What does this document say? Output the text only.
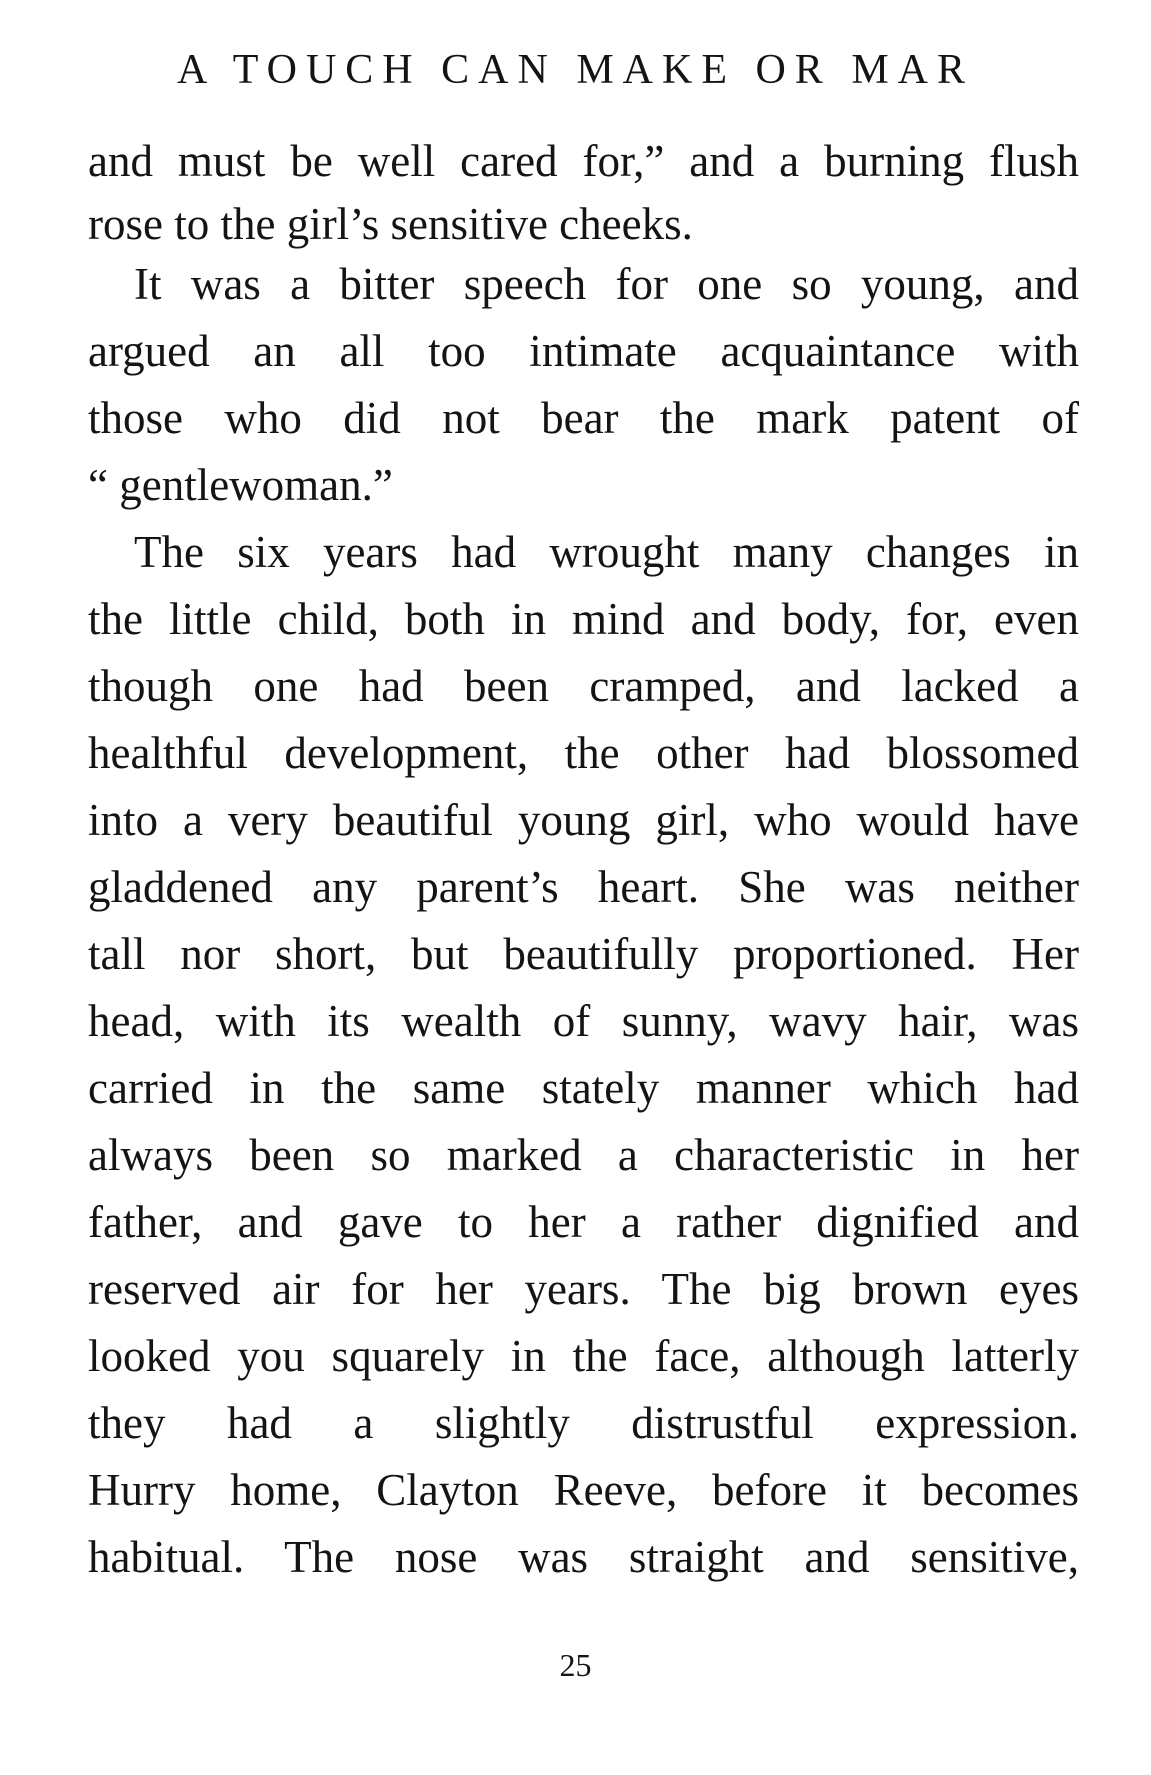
A TOUCH CAN MAKE OR MAR
and must be well cared for,” and a burning flush
rose to the girl’s sensitive cheeks.
It was a bitter speech for one so young, and
argued an all too intimate acquaintance with
those who did not bear the mark patent of
“ gentlewoman.”
The six years had wrought many changes in
the little child, both in mind and body, for, even
though one had been cramped, and lacked a
healthful development, the other had blossomed
into a very beautiful young girl, who would have
gladdened any parent’s heart. She was neither
tall nor short, but beautifully proportioned. Her
head, with its wealth of sunny, wavy hair, was
carried in the same stately manner which had
always been so marked a characteristic in her
father, and gave to her a rather dignified and
reserved air for her years. The big brown eyes
looked you squarely in the face, although latterly
they had a slightly distrustful expression.
Hurry home, Clayton Reeve, before it becomes
habitual. The nose was straight and sensitive,
25
